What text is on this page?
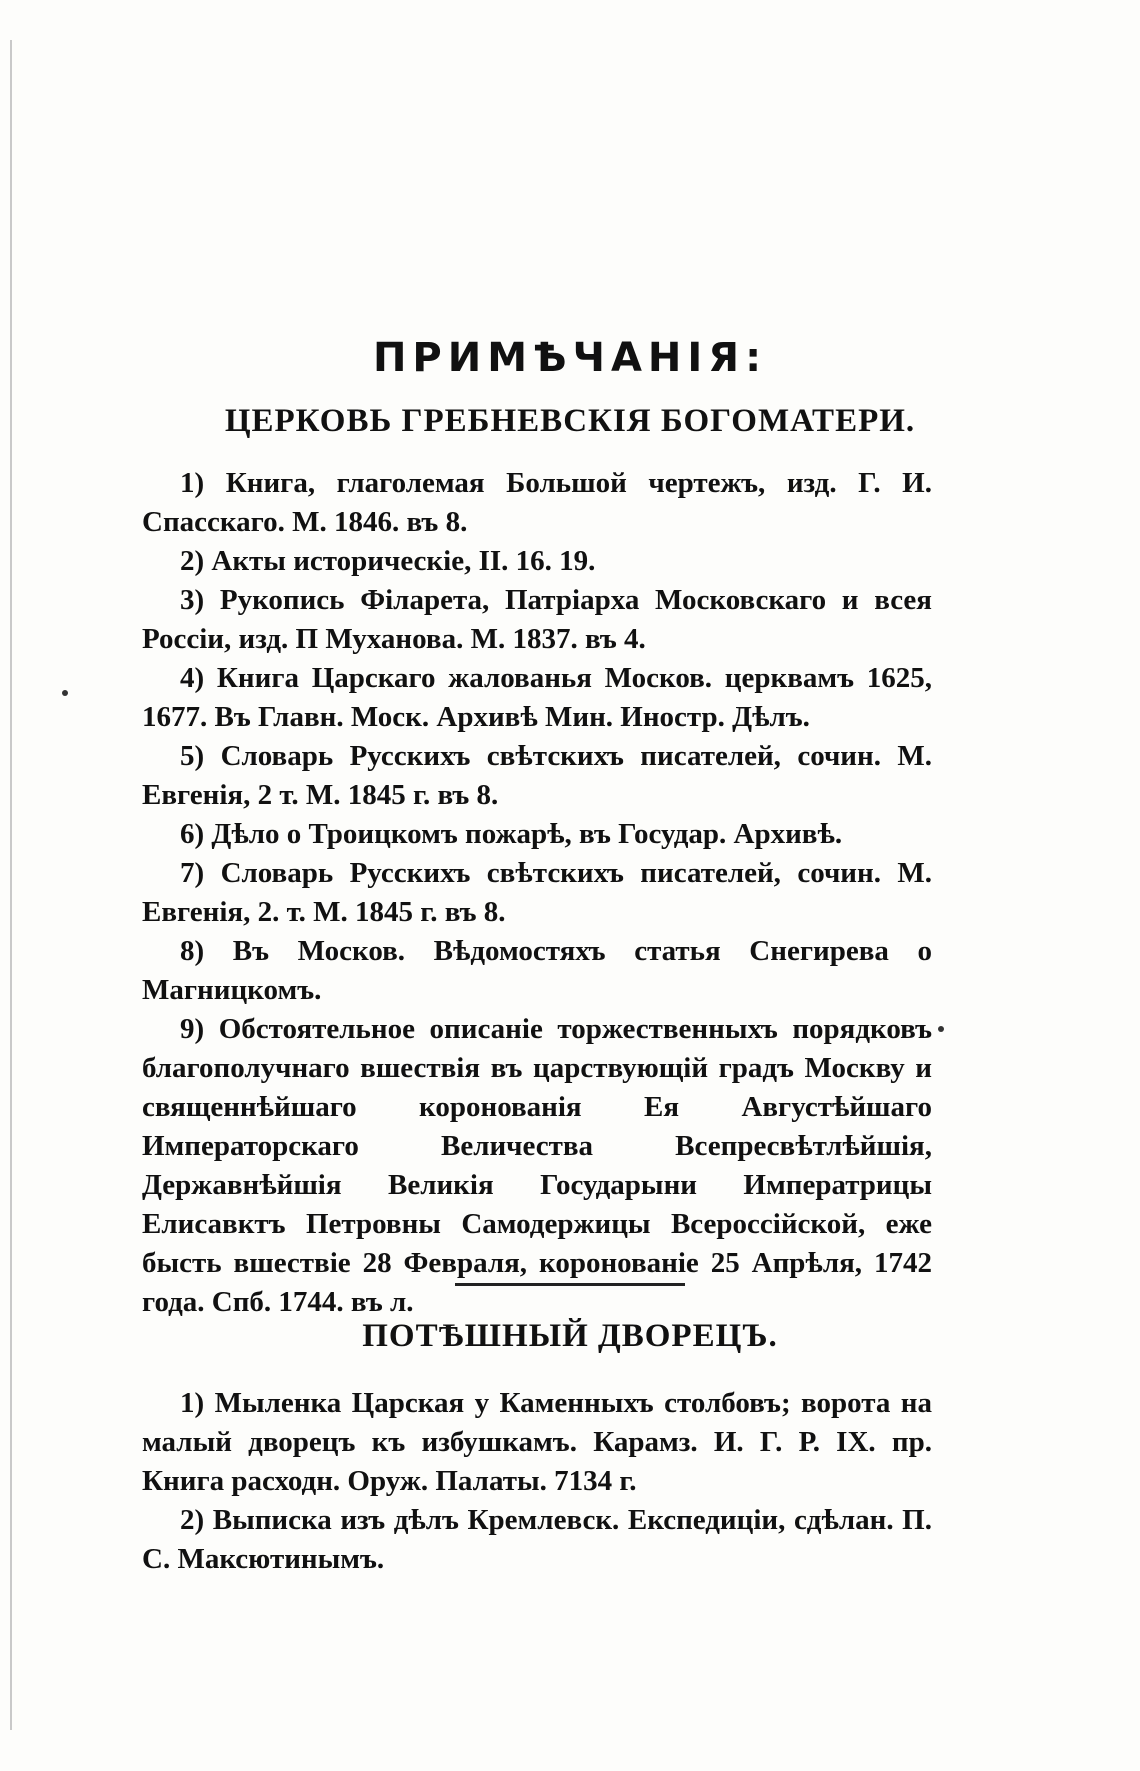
ПРИМѢЧАНІЯ:
ЦЕРКОВЬ ГРЕБНЕВСКІЯ БОГОМАТЕРИ.

1) Книга, глаголемая Большой чертежъ, изд. Г. И. Спасскаго. М. 1846. въ 8.

2) Акты историческіе, II. 16. 19.

3) Рукопись Філарета, Патріарха Московскаго и всея Россіи, изд. П Муханова. М. 1837. въ 4.

4) Книга Царскаго жалованья Москов. церквамъ 1625, 1677. Въ Главн. Моск. Архивѣ Мин. Иностр. Дѣлъ.

5) Словарь Русскихъ свѣтскихъ писателей, сочин. М. Евгенія, 2 т. М. 1845 г. въ 8.

6) Дѣло о Троицкомъ пожарѣ, въ Государ. Архивѣ.

7) Словарь Русскихъ свѣтскихъ писателей, сочин. М. Евгенія, 2. т. М. 1845 г. въ 8.

8) Въ Москов. Вѣдомостяхъ статья Снегирева о Магницкомъ.

9) Обстоятельное описаніе торжественныхъ порядковъ благополучнаго вшествія въ царствующій градъ Москву и священнѣйшаго коронованія Ея Августѣйшаго Императорскаго Величества Всепресвѣтлѣйшія, Державнѣйшія Великія Государыни Императрицы Елисавктъ Петровны Самодержицы Всероссійской, еже бысть вшествіе 28 Февраля, коронованіе 25 Апрѣля, 1742 года. Спб. 1744. въ л.

ПОТѢШНЫЙ ДВОРЕЦЪ.

1) Мыленка Царская у Каменныхъ столбовъ; ворота на малый дворецъ къ избушкамъ. Карамз. И. Г. Р. IX. пр. Книга расходн. Оруж. Палаты. 7134 г.

2) Выписка изъ дѣлъ Кремлевск. Експедиціи, сдѣлан. П. С. Максютинымъ.
